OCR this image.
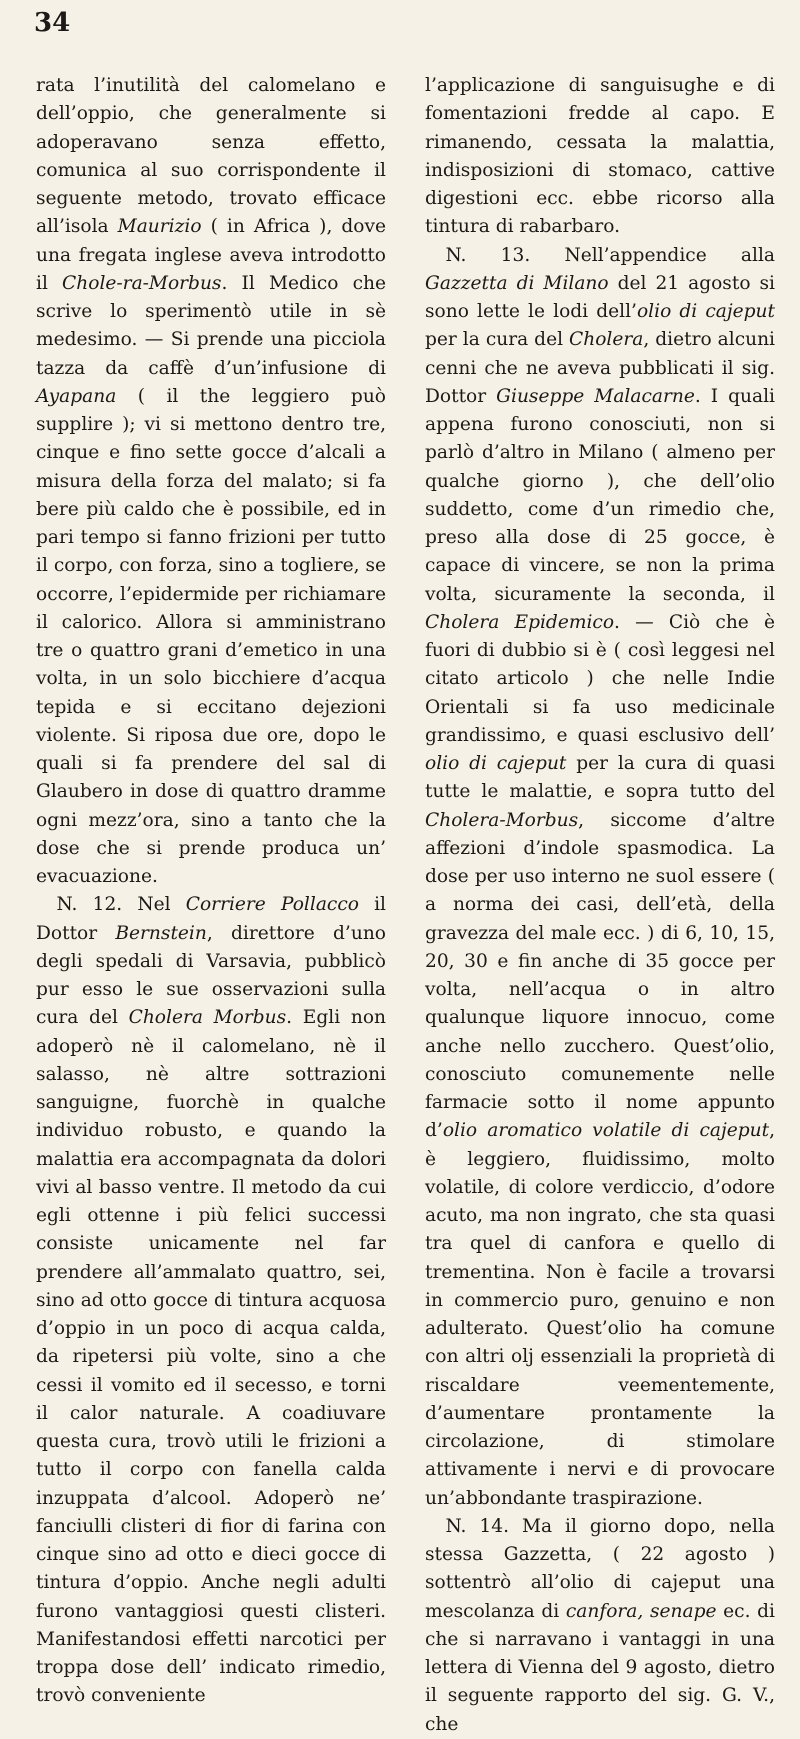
34

rata l’inutilità del calomelano e dell’oppio, che generalmente si adoperavano senza effetto, comunica al suo corrispondente il seguente metodo, trovato efficace all’isola Maurizio ( in Africa ), dove una fregata inglese aveva introdotto il Chole-ra-Morbus. Il Medico che scrive lo sperimentò utile in sè medesimo. — Si prende una picciola tazza da caffè d’un’infusione di Ayapana ( il the leggiero può supplire ); vi si mettono dentro tre, cinque e fino sette gocce d’alcali a misura della forza del malato; si fa bere più caldo che è possibile, ed in pari tempo si fanno frizioni per tutto il corpo, con forza, sino a togliere, se occorre, l’epidermide per richiamare il calorico. Allora si amministrano tre o quattro grani d’emetico in una volta, in un solo bicchiere d’acqua tepida e si eccitano dejezioni violente. Si riposa due ore, dopo le quali si fa prendere del sal di Glaubero in dose di quattro dramme ogni mezz’ora, sino a tanto che la dose che si prende produca un’ evacuazione.

N. 12. Nel Corriere Pollacco il Dottor Bernstein, direttore d’uno degli spedali di Varsavia, pubblicò pur esso le sue osservazioni sulla cura del Cholera Morbus. Egli non adoperò nè il calomelano, nè il salasso, nè altre sottrazioni sanguigne, fuorchè in qualche individuo robusto, e quando la malattia era accompagnata da dolori vivi al basso ventre. Il metodo da cui egli ottenne i più felici successi consiste unicamente nel far prendere all’ammalato quattro, sei, sino ad otto gocce di tintura acquosa d’oppio in un poco di acqua calda, da ripetersi più volte, sino a che cessi il vomito ed il secesso, e torni il calor naturale. A coadiuvare questa cura, trovò utili le frizioni a tutto il corpo con fanella calda inzuppata d’alcool. Adoperò ne’ fanciulli clisteri di fior di farina con cinque sino ad otto e dieci gocce di tintura d’oppio. Anche negli adulti furono vantaggiosi questi clisteri. Manifestandosi effetti narcotici per troppa dose dell’ indicato rimedio, trovò conveniente

l’applicazione di sanguisughe e di fomentazioni fredde al capo. E rimanendo, cessata la malattia, indisposizioni di stomaco, cattive digestioni ecc. ebbe ricorso alla tintura di rabarbaro.

N. 13. Nell’appendice alla Gazzetta di Milano del 21 agosto si sono lette le lodi dell’olio di cajeput per la cura del Cholera, dietro alcuni cenni che ne aveva pubblicati il sig. Dottor Giuseppe Malacarne. I quali appena furono conosciuti, non si parlò d’altro in Milano ( almeno per qualche giorno ), che dell’olio suddetto, come d’un rimedio che, preso alla dose di 25 gocce, è capace di vincere, se non la prima volta, sicuramente la seconda, il Cholera Epidemico. — Ciò che è fuori di dubbio si è ( così leggesi nel citato articolo ) che nelle Indie Orientali si fa uso medicinale grandissimo, e quasi esclusivo dell’ olio di cajeput per la cura di quasi tutte le malattie, e sopra tutto del Cholera-Morbus, siccome d’altre affezioni d’indole spasmodica. La dose per uso interno ne suol essere ( a norma dei casi, dell’età, della gravezza del male ecc. ) di 6, 10, 15, 20, 30 e fin anche di 35 gocce per volta, nell’acqua o in altro qualunque liquore innocuo, come anche nello zucchero. Quest’olio, conosciuto comunemente nelle farmacie sotto il nome appunto d’olio aromatico volatile di cajeput, è leggiero, fluidissimo, molto volatile, di colore verdiccio, d’odore acuto, ma non ingrato, che sta quasi tra quel di canfora e quello di trementina. Non è facile a trovarsi in commercio puro, genuino e non adulterato. Quest’olio ha comune con altri olj essenziali la proprietà di riscaldare veementemente, d’aumentare prontamente la circolazione, di stimolare attivamente i nervi e di provocare un’abbondante traspirazione.

N. 14. Ma il giorno dopo, nella stessa Gazzetta, ( 22 agosto ) sottentrò all’olio di cajeput una mescolanza di canfora, senape ec. di che si narravano i vantaggi in una lettera di Vienna del 9 agosto, dietro il seguente rapporto del sig. G. V., che
